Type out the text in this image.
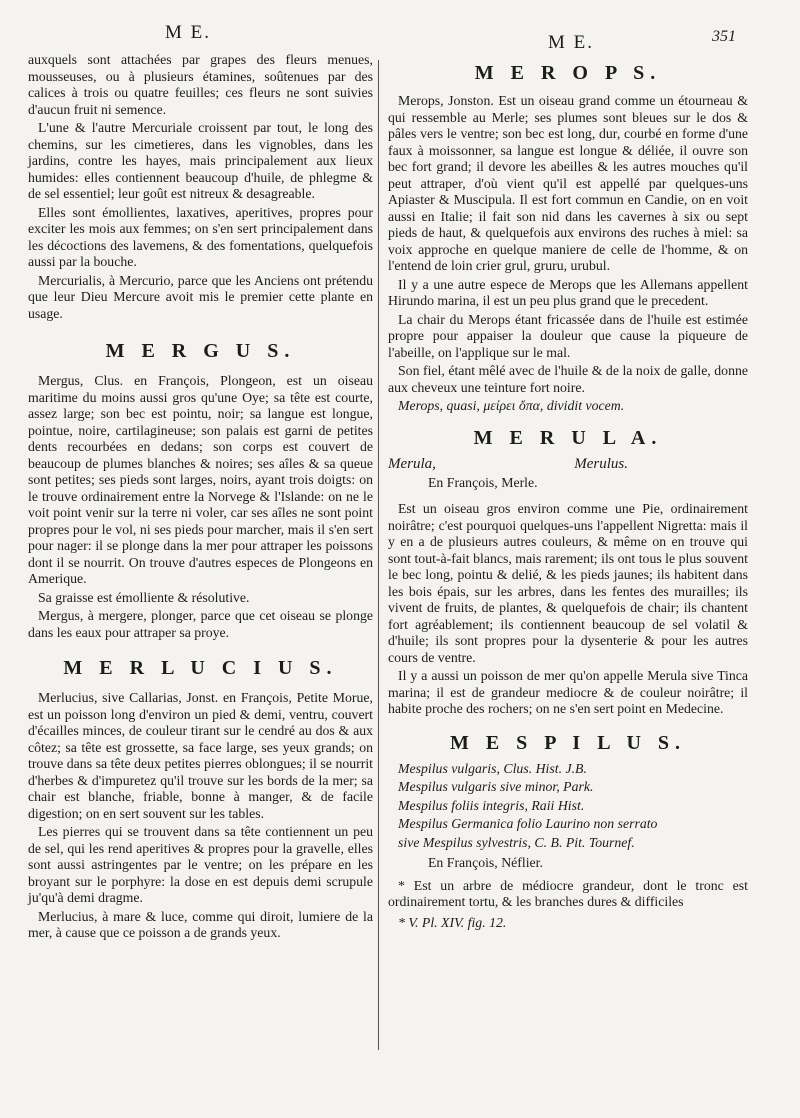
M E.	M E.	351

auxquels sont attachées par grapes des fleurs menues, mousseuses, ou à plusieurs étamines, soûtenues par des calices à trois ou quatre feuilles; ces fleurs ne sont suivies d'aucun fruit ni semence.

L'une & l'autre Mercuriale croissent par tout, le long des chemins, sur les cimetieres, dans les vignobles, dans les jardins, contre les hayes, mais principalement aux lieux humides: elles contiennent beaucoup d'huile, de phlegme & de sel essentiel; leur goût est nitreux & desagreable.

Elles sont émollientes, laxatives, aperitives, propres pour exciter les mois aux femmes; on s'en sert principalement dans les décoctions des lavemens, & des fomentations, quelquefois aussi par la bouche.

Mercurialis, à Mercurio, parce que les Anciens ont prétendu que leur Dieu Mercure avoit mis le premier cette plante en usage.

M E R G U S.

Mergus, Clus. en François, Plongeon, est un oiseau maritime du moins aussi gros qu'une Oye; sa tête est courte, assez large; son bec est pointu, noir; sa langue est longue, pointue, noire, cartilagineuse; son palais est garni de petites dents recourbées en dedans; son corps est couvert de beaucoup de plumes blanches & noires; ses aîles & sa queue sont petites; ses pieds sont larges, noirs, ayant trois doigts: on le trouve ordinairement entre la Norvege & l'Islande: on ne le voit point venir sur la terre ni voler, car ses aîles ne sont point propres pour le vol, ni ses pieds pour marcher, mais il s'en sert pour nager: il se plonge dans la mer pour attraper les poissons dont il se nourrit. On trouve d'autres especes de Plongeons en Amerique.

Sa graisse est émolliente & résolutive.

Mergus, à mergere, plonger, parce que cet oiseau se plonge dans les eaux pour attraper sa proye.

M E R L U C I U S.

Merlucius, sive Callarias, Jonst. en François, Petite Morue, est un poisson long d'environ un pied & demi, ventru, couvert d'écailles minces, de couleur tirant sur le cendré au dos & aux côtez; sa tête est grossette, sa face large, ses yeux grands; on trouve dans sa tête deux petites pierres oblongues; il se nourrit d'herbes & d'impuretez qu'il trouve sur les bords de la mer; sa chair est blanche, friable, bonne à manger, & de facile digestion; on en sert souvent sur les tables.

Les pierres qui se trouvent dans sa tête contiennent un peu de sel, qui les rend aperitives & propres pour la gravelle, elles sont aussi astringentes par le ventre; on les prépare en les broyant sur le porphyre: la dose en est depuis demi scrupule ju'qu'à demi dragme.

Merlucius, à mare & luce, comme qui diroit, lumiere de la mer, à cause que ce poisson a de grands yeux.

M E R O P S.

Merops, Jonston. Est un oiseau grand comme un étourneau & qui ressemble au Merle; ses plumes sont bleues sur le dos & pâles vers le ventre; son bec est long, dur, courbé en forme d'une faux à moissonner, sa langue est longue & déliée, il ouvre son bec fort grand; il devore les abeilles & les autres mouches qu'il peut attraper, d'où vient qu'il est appellé par quelques-uns Apiaster & Muscipula. Il est fort commun en Candie, on en voit aussi en Italie; il fait son nid dans les cavernes à six ou sept pieds de haut, & quelquefois aux environs des ruches à miel: sa voix approche en quelque maniere de celle de l'homme, & on l'entend de loin crier grul, gruru, urubul.

Il y a une autre espece de Merops que les Allemans appellent Hirundo marina, il est un peu plus grand que le precedent.

La chair du Merops étant fricassée dans de l'huile est estimée propre pour appaiser la douleur que cause la piqueure de l'abeille, on l'applique sur le mal.

Son fiel, étant mêlé avec de l'huile & de la noix de galle, donne aux cheveux une teinture fort noire.

Merops, quasi, μείρει ὄπα, dividit vocem.

M E R U L A.
Merula,	Merulus.

En François, Merle.

Est un oiseau gros environ comme une Pie, ordinairement noirâtre; c'est pourquoi quelques-uns l'appellent Nigretta: mais il y en a de plusieurs autres couleurs, & même on en trouve qui sont tout-à-fait blancs, mais rarement; ils ont tous le plus souvent le bec long, pointu & delié, & les pieds jaunes; ils habitent dans les bois épais, sur les arbres, dans les fentes des murailles; ils vivent de fruits, de plantes, & quelquefois de chair; ils chantent fort agréablement; ils contiennent beaucoup de sel volatil & d'huile; ils sont propres pour la dysenterie & pour les autres cours de ventre.

Il y a aussi un poisson de mer qu'on appelle Merula sive Tinca marina; il est de grandeur mediocre & de couleur noirâtre; il habite proche des rochers; on ne s'en sert point en Medecine.

M E S P I L U S.

Mespilus vulgaris, Clus. Hist. J.B.

Mespilus vulgaris sive minor, Park.

Mespilus foliis integris, Raii Hist.

Mespilus Germanica folio Laurino non serrato

sive Mespilus sylvestris, C. B. Pit. Tournef.

En François, Néflier.

* Est un arbre de médiocre grandeur, dont le tronc est ordinairement tortu, & les branches dures & difficiles

* V. Pl. XIV. fig. 12.
